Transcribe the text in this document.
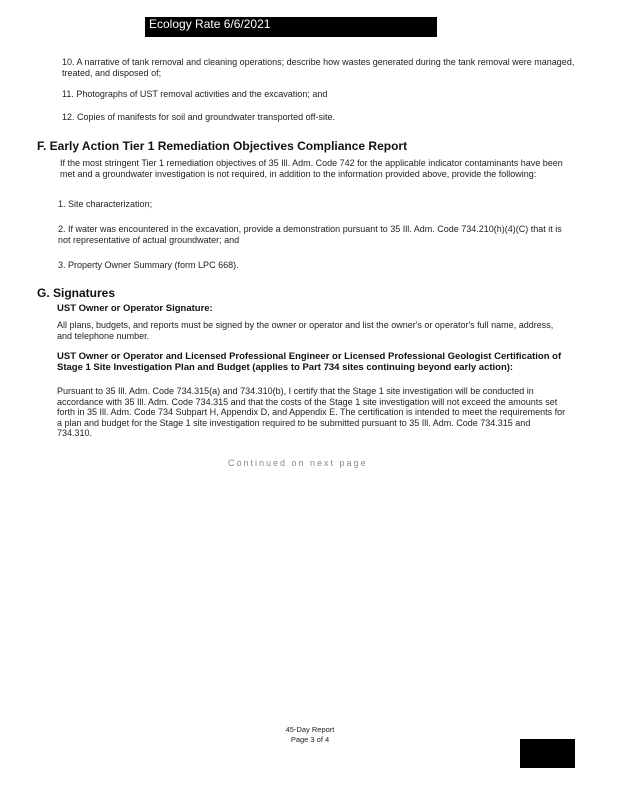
Ecology Rate 6/6/2021
10. A narrative of tank removal and cleaning operations; describe how wastes generated during the tank removal were managed, treated, and disposed of;
11. Photographs of UST removal activities and the excavation; and
12. Copies of manifests for soil and groundwater transported off-site.
F. Early Action Tier 1 Remediation Objectives Compliance Report
If the most stringent Tier 1 remediation objectives of 35 Ill. Adm. Code 742 for the applicable indicator contaminants have been met and a groundwater investigation is not required, in addition to the information provided above, provide the following:
1. Site characterization;
2. If water was encountered in the excavation, provide a demonstration pursuant to 35 Ill. Adm. Code 734.210(h)(4)(C) that it is not representative of actual groundwater; and
3. Property Owner Summary (form LPC 668).
G. Signatures
UST Owner or Operator Signature:
All plans, budgets, and reports must be signed by the owner or operator and list the owner's or operator's full name, address, and telephone number.
UST Owner or Operator and Licensed Professional Engineer or Licensed Professional Geologist Certification of Stage 1 Site Investigation Plan and Budget (applies to Part 734 sites continuing beyond early action):
Pursuant to 35 Ill. Adm. Code 734.315(a) and 734.310(b), I certify that the Stage 1 site investigation will be conducted in accordance with 35 Ill. Adm. Code 734.315 and that the costs of the Stage 1 site investigation will not exceed the amounts set forth in 35 Ill. Adm. Code 734 Subpart H, Appendix D, and Appendix E. The certification is intended to meet the requirements for a plan and budget for the Stage 1 site investigation required to be submitted pursuant to 35 Ill. Adm. Code 734.315 and 734.310.
Continued on next page
45-Day Report
Page 3 of 4
